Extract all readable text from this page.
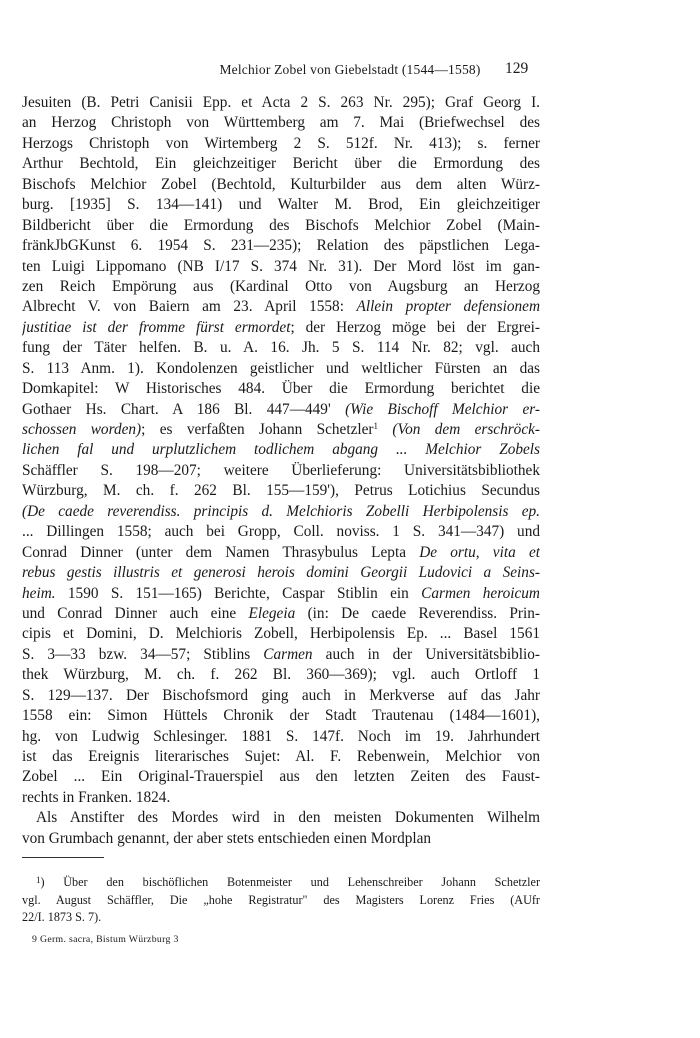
Melchior Zobel von Giebelstadt (1544—1558)	129
Jesuiten (B. Petri Canisii Epp. et Acta 2 S. 263 Nr. 295); Graf Georg I.
an Herzog Christoph von Württemberg am 7. Mai (Briefwechsel des
Herzogs Christoph von Wirtemberg 2 S. 512f. Nr. 413); s. ferner
Arthur Bechtold, Ein gleichzeitiger Bericht über die Ermordung des
Bischofs Melchior Zobel (Bechtold, Kulturbilder aus dem alten Würz-
burg. [1935] S. 134—141) und Walter M. Brod, Ein gleichzeitiger
Bildbericht über die Ermordung des Bischofs Melchior Zobel (Main-
fränkJbGKunst 6. 1954 S. 231—235); Relation des päpstlichen Lega-
ten Luigi Lippomano (NB I/17 S. 374 Nr. 31). Der Mord löst im gan-
zen Reich Empörung aus (Kardinal Otto von Augsburg an Herzog
Albrecht V. von Baiern am 23. April 1558: Allein propter defensionem
justitiae ist der fromme fürst ermordet; der Herzog möge bei der Ergrei-
fung der Täter helfen. B. u. A. 16. Jh. 5 S. 114 Nr. 82; vgl. auch
S. 113 Anm. 1). Kondolenzen geistlicher und weltlicher Fürsten an das
Domkapitel: W Historisches 484. Über die Ermordung berichtet die
Gothaer Hs. Chart. A 186 Bl. 447—449' (Wie Bischoff Melchior er-
schossen worden); es verfaßten Johann Schetzler$^1$ (Von dem erschröck-
lichen fal und urplutzlichem todlichem abgang ... Melchior Zobels
Schäffler S. 198—207; weitere Überlieferung: Universitätsbibliothek
Würzburg, M. ch. f. 262 Bl. 155—159'), Petrus Lotichius Secundus
(De caede reverendiss. principis d. Melchioris Zobelli Herbipolensis ep.
... Dillingen 1558; auch bei Gropp, Coll. noviss. 1 S. 341—347) und
Conrad Dinner (unter dem Namen Thrasybulus Lepta De ortu, vita et
rebus gestis illustris et generosi herois domini Georgii Ludovici a Seins-
heim. 1590 S. 151—165) Berichte, Caspar Stiblin ein Carmen heroicum
und Conrad Dinner auch eine Elegeia (in: De caede Reverendiss. Prin-
cipis et Domini, D. Melchioris Zobell, Herbipolensis Ep. ... Basel 1561
S. 3—33 bzw. 34—57; Stiblins Carmen auch in der Universitätsbiblio-
thek Würzburg, M. ch. f. 262 Bl. 360—369); vgl. auch Ortloff 1
S. 129—137. Der Bischofsmord ging auch in Merkverse auf das Jahr
1558 ein: Simon Hüttels Chronik der Stadt Trautenau (1484—1601),
hg. von Ludwig Schlesinger. 1881 S. 147f. Noch im 19. Jahrhundert
ist das Ereignis literarisches Sujet: Al. F. Rebenwein, Melchior von
Zobel ... Ein Original-Trauerspiel aus den letzten Zeiten des Faust-
rechts in Franken. 1824.
Als Anstifter des Mordes wird in den meisten Dokumenten Wilhelm
von Grumbach genannt, der aber stets entschieden einen Mordplan
$^1$) Über den bischöflichen Botenmeister und Lehenschreiber Johann Schetzler
vgl. August Schäffler, Die „hohe Registratur" des Magisters Lorenz Fries (AUfr
22/I. 1873 S. 7).
9 Germ. sacra, Bistum Würzburg 3
